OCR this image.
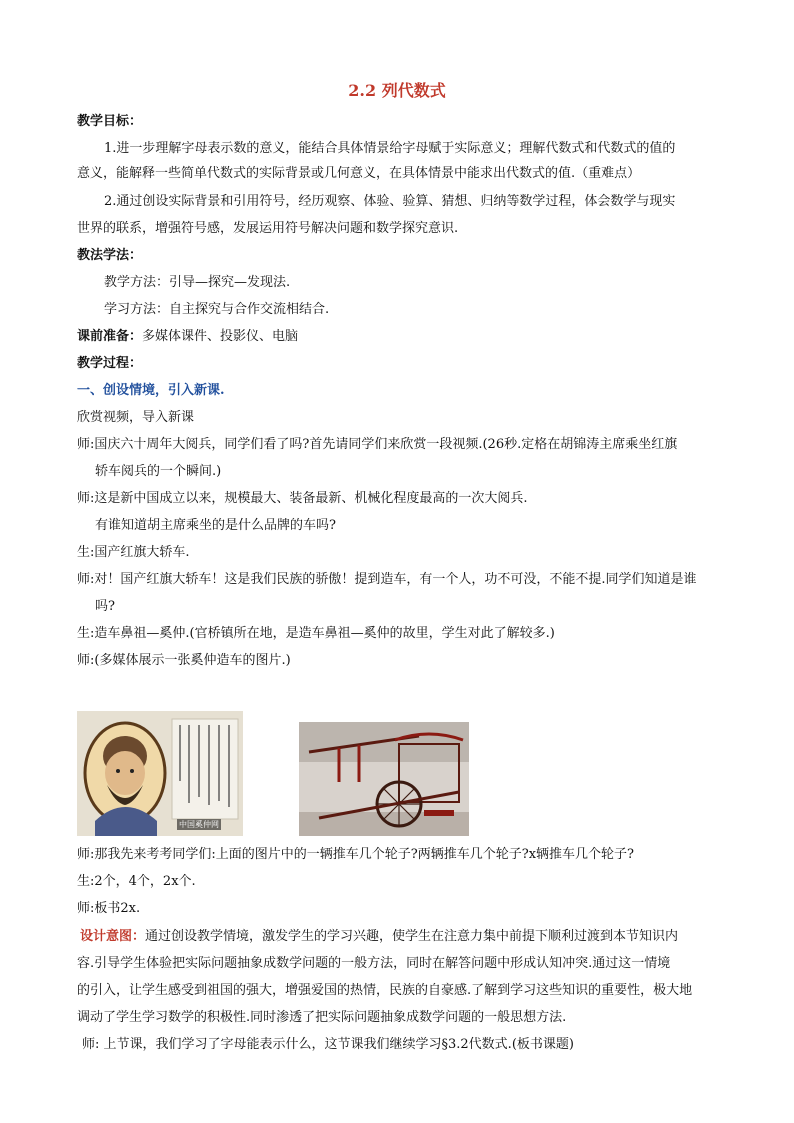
2.2 列代数式
教学目标：
1.进一步理解字母表示数的意义，能结合具体情景给字母赋于实际意义；理解代数式和代数式的值的
意义，能解释一些简单代数式的实际背景或几何意义，在具体情景中能求出代数式的值.（重难点）
2.通过创设实际背景和引用符号，经历观察、体验、验算、猜想、归纳等数学过程，体会数学与现实
世界的联系，增强符号感，发展运用符号解决问题和数学探究意识.
教法学法：
教学方法：引导—探究—发现法.
学习方法：自主探究与合作交流相结合.
课前准备：多媒体课件、投影仪、电脑
教学过程：
一、创设情境，引入新课.
欣赏视频，导入新课
师:国庆六十周年大阅兵，同学们看了吗?首先请同学们来欣赏一段视频.(26秒.定格在胡锦涛主席乘坐红旗
轿车阅兵的一个瞬间.)
师:这是新中国成立以来，规模最大、装备最新、机械化程度最高的一次大阅兵.
有谁知道胡主席乘坐的是什么品牌的车吗?
生:国产红旗大轿车.
师:对！国产红旗大轿车！这是我们民族的骄傲！提到造车，有一个人，功不可没，不能不提.同学们知道是谁
吗?
生:造车鼻祖—奚仲.(官桥镇所在地，是造车鼻祖—奚仲的故里，学生对此了解较多.)
师:(多媒体展示一张奚仲造车的图片.)
中国奚仲网
师:那我先来考考同学们:上面的图片中的一辆推车几个轮子?两辆推车几个轮子?x辆推车几个轮子?
生:2个，4个，2x个.
师:板书2x.
设计意图：通过创设教学情境，激发学生的学习兴趣，使学生在注意力集中前提下顺利过渡到本节知识内
容.引导学生体验把实际问题抽象成数学问题的一般方法，同时在解答问题中形成认知冲突.通过这一情境
的引入，让学生感受到祖国的强大，增强爱国的热情，民族的自豪感.了解到学习这些知识的重要性，极大地
调动了学生学习数学的积极性.同时渗透了把实际问题抽象成数学问题的一般思想方法.
师: 上节课，我们学习了字母能表示什么，这节课我们继续学习§3.2代数式.(板书课题)
